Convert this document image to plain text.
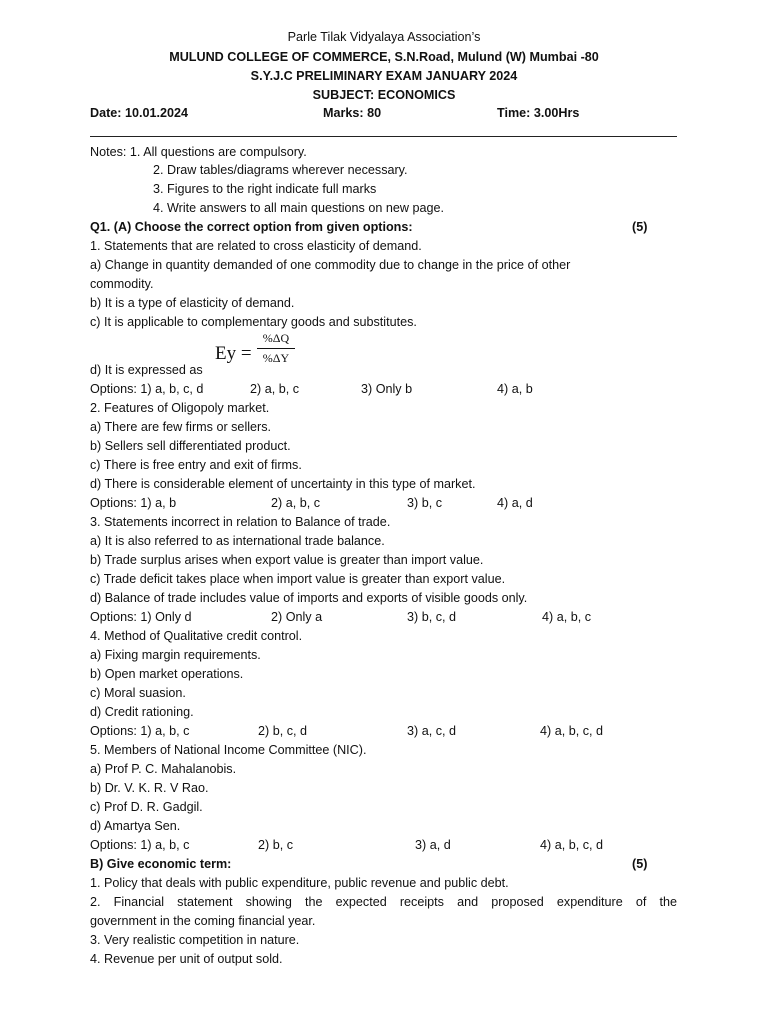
Parle Tilak Vidyalaya Association’s
MULUND COLLEGE OF COMMERCE, S.N.Road, Mulund (W) Mumbai -80
S.Y.J.C PRELIMINARY EXAM JANUARY 2024
SUBJECT: ECONOMICS
Date: 10.01.2024	Marks: 80	Time: 3.00Hrs
Notes: 1. All questions are compulsory.
2. Draw tables/diagrams wherever necessary.
3. Figures to the right indicate full marks
4. Write answers to all main questions on new page.
Q1. (A) Choose the correct option from given options:	(5)
1. Statements that are related to cross elasticity of demand.
a) Change in quantity demanded of one commodity due to change in the price of other
commodity.
b) It is a type of elasticity of demand.
c) It is applicable to complementary goods and substitutes.
Ey =
%ΔQ
%ΔY
d) It is expressed as
Options: 1) a, b, c, d	2) a, b, c	3) Only b	4) a, b
2. Features of Oligopoly market.
a) There are few firms or sellers.
b) Sellers sell differentiated product.
c) There is free entry and exit of firms.
d) There is considerable element of uncertainty in this type of market.
Options: 1) a, b	2) a, b, c	3) b, c	4) a, d
3. Statements incorrect in relation to Balance of trade.
a) It is also referred to as international trade balance.
b) Trade surplus arises when export value is greater than import value.
c) Trade deficit takes place when import value is greater than export value.
d) Balance of trade includes value of imports and exports of visible goods only.
Options: 1) Only d	2) Only a	3) b, c, d	4) a, b, c
4. Method of Qualitative credit control.
a) Fixing margin requirements.
b) Open market operations.
c) Moral suasion.
d) Credit rationing.
Options: 1) a, b, c	2) b, c, d	3) a, c, d	4) a, b, c, d
5. Members of National Income Committee (NIC).
a) Prof P. C. Mahalanobis.
b) Dr. V. K. R. V Rao.
c) Prof D. R. Gadgil.
d) Amartya Sen.
Options: 1) a, b, c	2) b, c	3) a, d	4) a, b, c, d
B) Give economic term:	(5)
1. Policy that deals with public expenditure, public revenue and public debt.
2. Financial statement showing the expected receipts and proposed expenditure of the
government in the coming financial year.
3. Very realistic competition in nature.
4. Revenue per unit of output sold.
